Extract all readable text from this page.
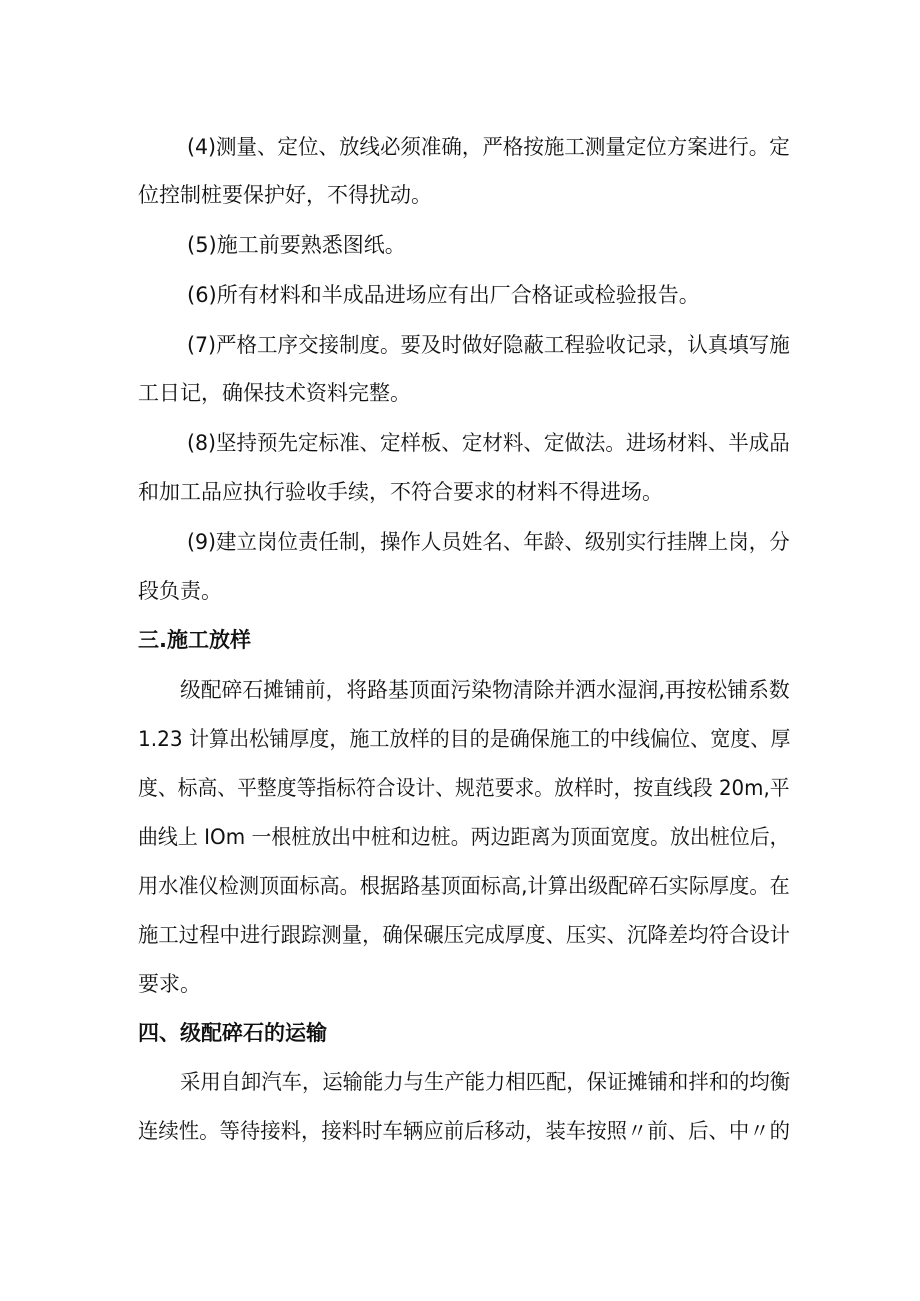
(4)测量、定位、放线必须准确，严格按施工测量定位方案进行。定
位控制桩要保护好，不得扰动。
(5)施工前要熟悉图纸。
(6)所有材料和半成品进场应有出厂合格证或检验报告。
(7)严格工序交接制度。要及时做好隐蔽工程验收记录，认真填写施
工日记，确保技术资料完整。
(8)坚持预先定标准、定样板、定材料、定做法。进场材料、半成品
和加工品应执行验收手续，不符合要求的材料不得进场。
(9)建立岗位责任制，操作人员姓名、年龄、级别实行挂牌上岗，分
段负责。
三.施工放样
级配碎石摊铺前，将路基顶面污染物清除并洒水湿润,再按松铺系数
1.23 计算出松铺厚度，施工放样的目的是确保施工的中线偏位、宽度、厚
度、标高、平整度等指标符合设计、规范要求。放样时，按直线段 20m,平
曲线上 IOm 一根桩放出中桩和边桩。两边距离为顶面宽度。放出桩位后，
用水准仪检测顶面标高。根据路基顶面标高,计算出级配碎石实际厚度。在
施工过程中进行跟踪测量，确保碾压完成厚度、压实、沉降差均符合设计
要求。
四、级配碎石的运输
采用自卸汽车，运输能力与生产能力相匹配，保证摊铺和拌和的均衡
连续性。等待接料，接料时车辆应前后移动，装车按照〃前、后、中〃的
